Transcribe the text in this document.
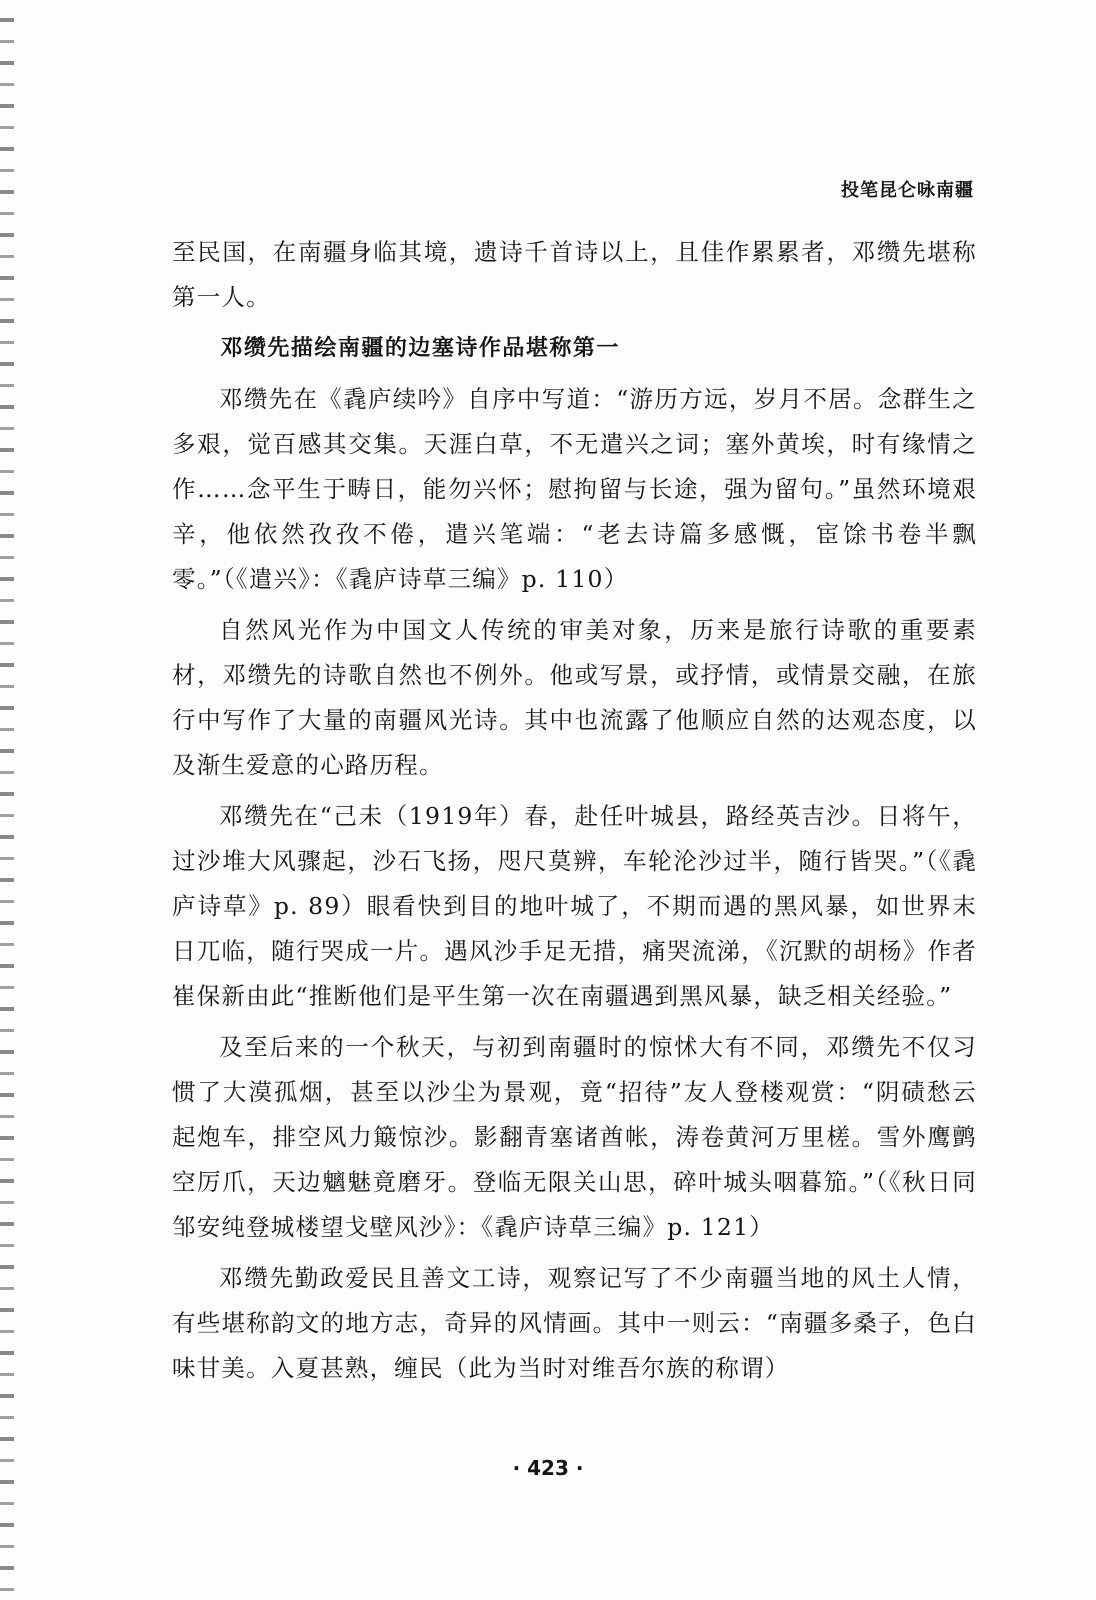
投笔昆仑咏南疆

至民国，在南疆身临其境，遗诗千首诗以上，且佳作累累者，邓缵先堪称第一人。

邓缵先描绘南疆的边塞诗作品堪称第一

邓缵先在《毳庐续吟》自序中写道：“游历方远，岁月不居。念群生之多艰，觉百感其交集。天涯白草，不无遣兴之词；塞外黄埃，时有缘情之作……念平生于畴日，能勿兴怀；慰拘留与长途，强为留句。”虽然环境艰辛，他依然孜孜不倦，遣兴笔端：“老去诗篇多感慨，宦馀书卷半飘零。”（《遣兴》：《毳庐诗草三编》p. 110）

自然风光作为中国文人传统的审美对象，历来是旅行诗歌的重要素材，邓缵先的诗歌自然也不例外。他或写景，或抒情，或情景交融，在旅行中写作了大量的南疆风光诗。其中也流露了他顺应自然的达观态度，以及渐生爱意的心路历程。

邓缵先在“己未（1919年）春，赴任叶城县，路经英吉沙。日将午，过沙堆大风骤起，沙石飞扬，咫尺莫辨，车轮沦沙过半，随行皆哭。”（《毳庐诗草》p. 89）眼看快到目的地叶城了，不期而遇的黑风暴，如世界末日兀临，随行哭成一片。遇风沙手足无措，痛哭流涕，《沉默的胡杨》作者崔保新由此“推断他们是平生第一次在南疆遇到黑风暴，缺乏相关经验。”

及至后来的一个秋天，与初到南疆时的惊怵大有不同，邓缵先不仅习惯了大漠孤烟，甚至以沙尘为景观，竟“招待”友人登楼观赏：“阴碛愁云起炮车，排空风力簸惊沙。影翻青塞诸酋帐，涛卷黄河万里槎。雪外鹰鹯空厉爪，天边魑魅竟磨牙。登临无限关山思，碎叶城头咽暮笳。”（《秋日同邹安纯登城楼望戈壁风沙》：《毳庐诗草三编》p. 121）

邓缵先勤政爱民且善文工诗，观察记写了不少南疆当地的风土人情，有些堪称韵文的地方志，奇异的风情画。其中一则云：“南疆多桑子，色白味甘美。入夏甚熟，缠民（此为当时对维吾尔族的称谓）

· 423 ·
